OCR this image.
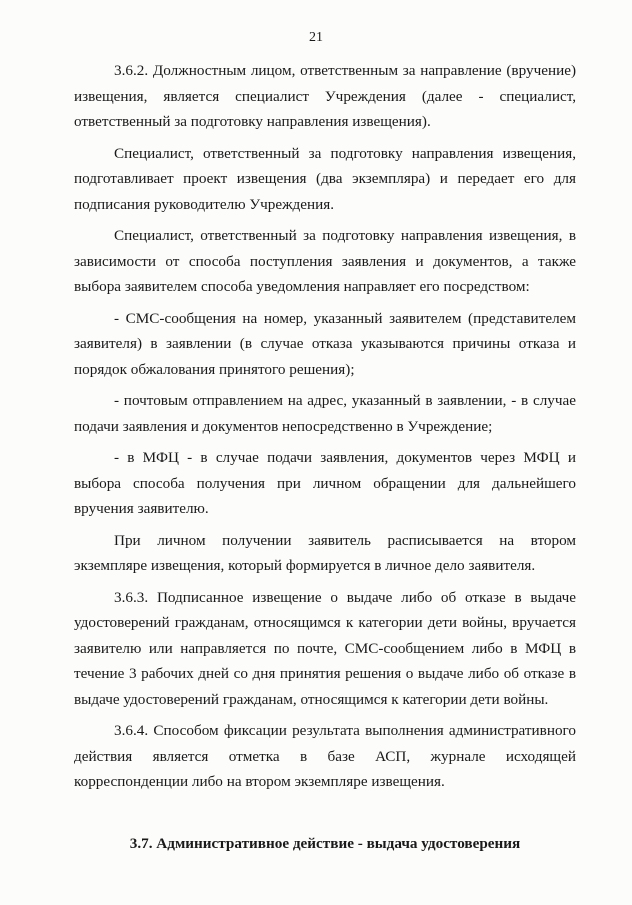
21

3.6.2. Должностным лицом, ответственным за направление (вручение) извещения, является специалист Учреждения (далее - специалист, ответственный за подготовку направления извещения).

Специалист, ответственный за подготовку направления извещения, подготавливает проект извещения (два экземпляра) и передает его для подписания руководителю Учреждения.

Специалист, ответственный за подготовку направления извещения, в зависимости от способа поступления заявления и документов, а также выбора заявителем способа уведомления направляет его посредством:

- СМС-сообщения на номер, указанный заявителем (представителем заявителя) в заявлении (в случае отказа указываются причины отказа и порядок обжалования принятого решения);

- почтовым отправлением на адрес, указанный в заявлении, - в случае подачи заявления и документов непосредственно в Учреждение;

- в МФЦ - в случае подачи заявления, документов через МФЦ и выбора способа получения при личном обращении для дальнейшего вручения заявителю.

При личном получении заявитель расписывается на втором экземпляре извещения, который формируется в личное дело заявителя.

3.6.3. Подписанное извещение о выдаче либо об отказе в выдаче удостоверений гражданам, относящимся к категории дети войны, вручается заявителю или направляется по почте, СМС-сообщением либо в МФЦ в течение 3 рабочих дней со дня принятия решения о выдаче либо об отказе в выдаче удостоверений гражданам, относящимся к категории дети войны.

3.6.4. Способом фиксации результата выполнения административного действия является отметка в базе АСП, журнале исходящей корреспонденции либо на втором экземпляре извещения.

3.7. Административное действие - выдача удостоверения
